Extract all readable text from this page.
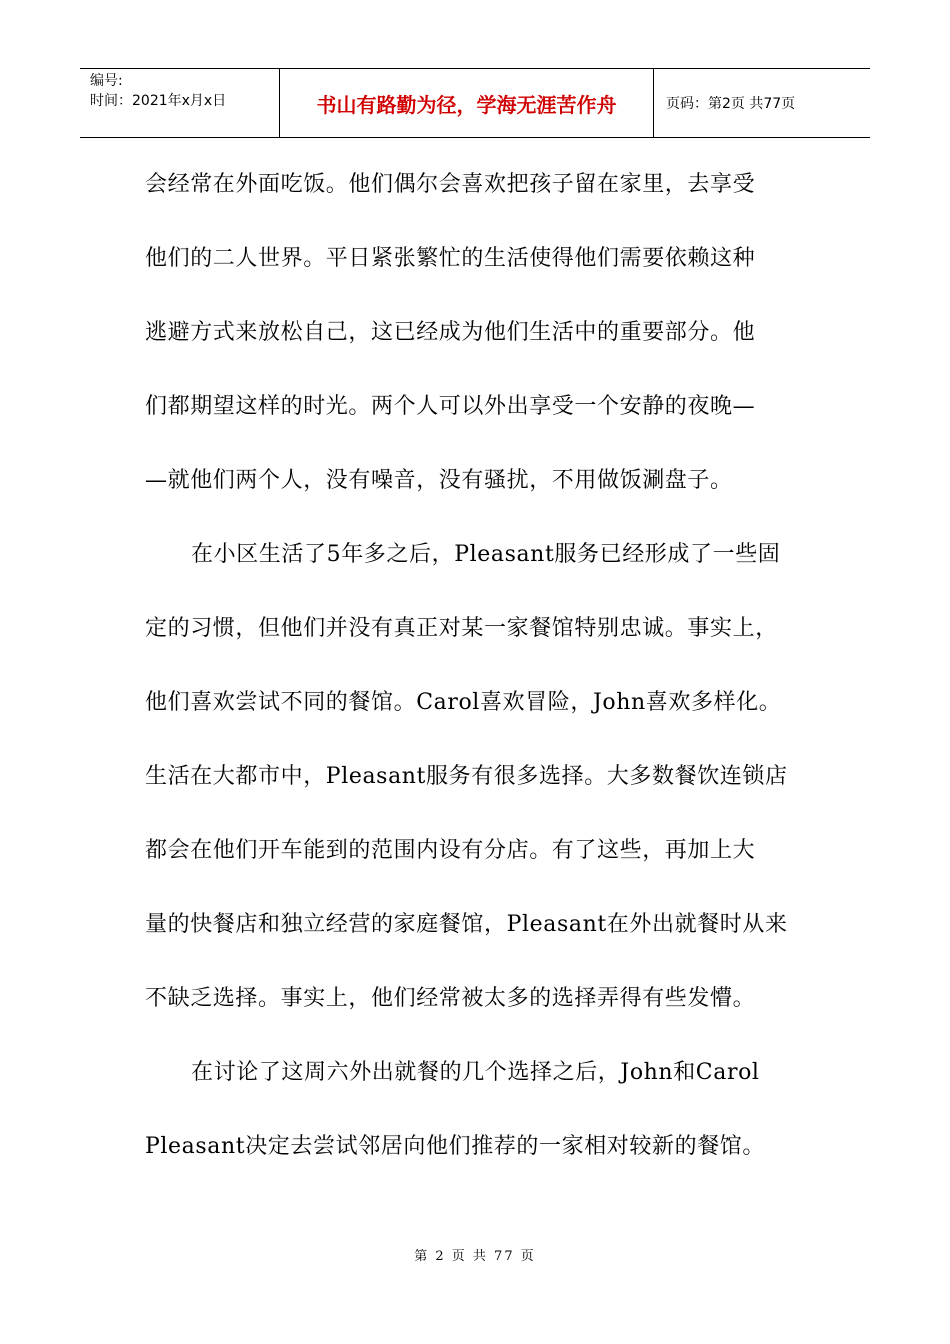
编号:
时间：2021年x月x日	书山有路勤为径，学海无涯苦作舟	页码：第2页 共77页
会经常在外面吃饭。他们偶尔会喜欢把孩子留在家里，去享受
他们的二人世界。平日紧张繁忙的生活使得他们需要依赖这种
逃避方式来放松自己，这已经成为他们生活中的重要部分。他
们都期望这样的时光。两个人可以外出享受一个安静的夜晚—
—就他们两个人，没有噪音，没有骚扰，不用做饭涮盘子。
在小区生活了5年多之后，Pleasant服务已经形成了一些固
定的习惯，但他们并没有真正对某一家餐馆特别忠诚。事实上，
他们喜欢尝试不同的餐馆。Carol喜欢冒险，John喜欢多样化。
生活在大都市中，Pleasant服务有很多选择。大多数餐饮连锁店
都会在他们开车能到的范围内设有分店。有了这些，再加上大
量的快餐店和独立经营的家庭餐馆，Pleasant在外出就餐时从来
不缺乏选择。事实上，他们经常被太多的选择弄得有些发懵。
在讨论了这周六外出就餐的几个选择之后，John和Carol
Pleasant决定去尝试邻居向他们推荐的一家相对较新的餐馆。
第 2 页 共 77 页
